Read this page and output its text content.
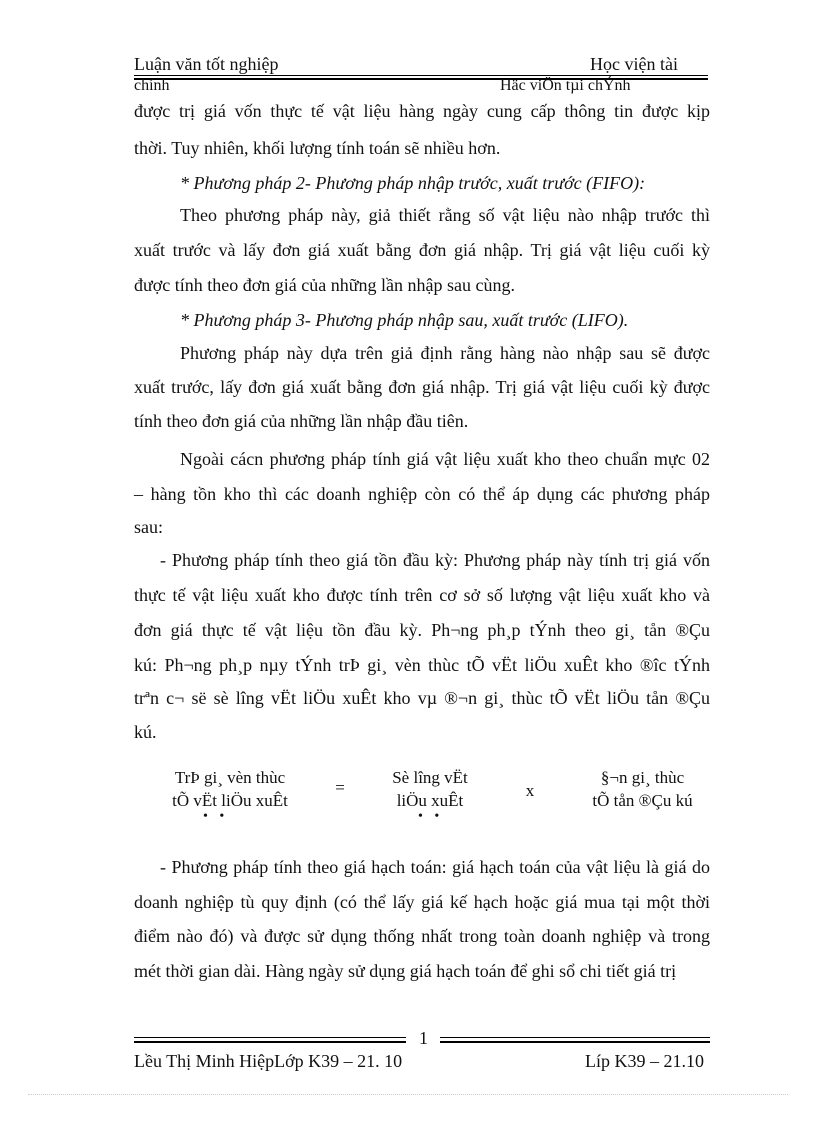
Luận văn tốt nghiệp	Học viện tài
chính	Häc viÖn tµi chÝnh
được trị giá vốn thực tế vật liệu hàng ngày cung cấp thông tin được kịp
thời. Tuy nhiên, khối lượng tính toán sẽ nhiều hơn.
* Phương pháp 2- Phương pháp nhập trước, xuất trước (FIFO):
Theo phương pháp này, giả thiết rằng số vật liệu nào nhập trước thì
xuất trước và lấy đơn giá xuất bằng đơn giá nhập. Trị giá vật liệu cuối kỳ
được tính theo đơn giá của những lần nhập sau cùng.
* Phương pháp 3- Phương pháp nhập sau, xuất trước (LIFO).
Phương pháp này dựa trên giả định rằng hàng nào nhập sau sẽ được
xuất trước, lấy đơn giá xuất bằng đơn giá nhập. Trị giá vật liệu cuối kỳ được
tính theo đơn giá của những lần nhập đầu tiên.
Ngoài cácn phương pháp tính giá vật liệu xuất kho theo chuẩn mực 02
– hàng tồn kho thì các doanh nghiệp còn có thể áp dụng các phương pháp
sau:
- Phương pháp tính theo giá tồn đầu kỳ: Phương pháp này tính trị giá vốn
thực tế vật liệu xuất kho được tính trên cơ sở số lượng vật liệu xuất kho và
đơn giá thực tế vật liệu tồn đầu kỳ. Ph¬ng ph¸p tÝnh theo gi¸ tån ®Çu
kú: Ph¬ng ph¸p nµy tÝnh trÞ gi¸ vèn thùc tÕ vËt liÖu xuÊt kho ®îc tÝnh
trªn c¬ së sè lîng vËt liÖu xuÊt kho vµ ®¬n gi¸ thùc tÕ vËt liÖu tån ®Çu
kú.
TrÞ gi¸ vèn thùc
tÕ vËt liÖu xuÊt
• •
=
Sè lîng vËt
liÖu xuÊt
• •
x
§¬n gi¸ thùc
tÕ tån ®Çu kú
- Phương pháp tính theo giá hạch toán: giá hạch toán của vật liệu là giá do
doanh nghiệp tù quy định (có thể lấy giá kế hạch hoặc giá mua tại một thời
điểm nào đó) và được sử dụng thống nhất trong toàn doanh nghiệp và trong
mét thời gian dài. Hàng ngày sử dụng giá hạch toán để ghi sổ chi tiết giá trị
1
Lều Thị Minh HiệpLớp K39 – 21. 10	Líp K39 – 21.10
